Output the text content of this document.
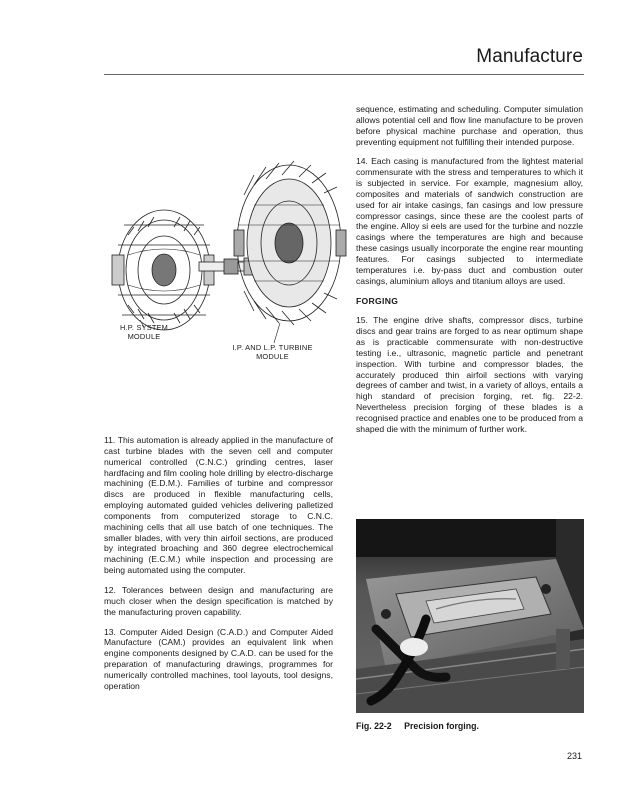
Manufacture
H.P. SYSTEM
MODULE
I.P. AND L.P. TURBINE
MODULE

sequence, estimating and scheduling. Computer simulation allows potential cell and flow line manufacture to be proven before physical machine purchase and operation, thus preventing equipment not fulfilling their intended purpose.

14. Each casing is manufactured from the lightest material commensurate with the stress and temperatures to which it is subjected in service. For example, magnesium alloy, composites and materials of sandwich construction are used for air intake casings, fan casings and low pressure compressor casings, since these are the coolest parts of the engine. Alloy si eels are used for the turbine and nozzle casings where the temperatures are high and because these casings usually incorporate the engine rear mounting features. For casings subjected to intermediate temperatures i.e. by-pass duct and combustion outer casings, aluminium alloys and titanium alloys are used.

FORGING

15. The engine drive shafts, compressor discs, turbine discs and gear trains are forged to as near optimum shape as is practicable commensurate with non-destructive testing i.e., ultrasonic, magnetic particle and penetrant inspection. With turbine and compressor blades, the accurately produced thin airfoil sections with varying degrees of camber and twist, in a variety of alloys, entails a high standard of precision forging, ret. fig. 22-2. Nevertheless precision forging of these blades is a recognised practice and enables one to be produced from a shaped die with the minimum of further work.

11. This automation is already applied in the manufacture of cast turbine blades with the seven cell and computer numerical controlled (C.N.C.) grinding centres, laser hardfacing and film cooling hole drilling by electro-discharge machining (E.D.M.). Families of turbine and compressor discs are produced in flexible manufacturing cells, employing automated guided vehicles delivering palletized components from computerized storage to C.N.C. machining cells that all use batch of one techniques. The smaller blades, with very thin airfoil sections, are produced by integrated broaching and 360 degree electrochemical machining (E.C.M.) while inspection and processing are being automated using the computer.

12. Tolerances between design and manufacturing are much closer when the design specification is matched by the manufacturing proven capability.

13. Computer Aided Design (C.A.D.) and Computer Aided Manufacture (CAM.) provides an equivalent link when engine components designed by C.A.D. can be used for the preparation of manufacturing drawings, programmes for numerically controlled machines, tool layouts, tool designs, operation

Fig. 22-2 Precision forging.
231
